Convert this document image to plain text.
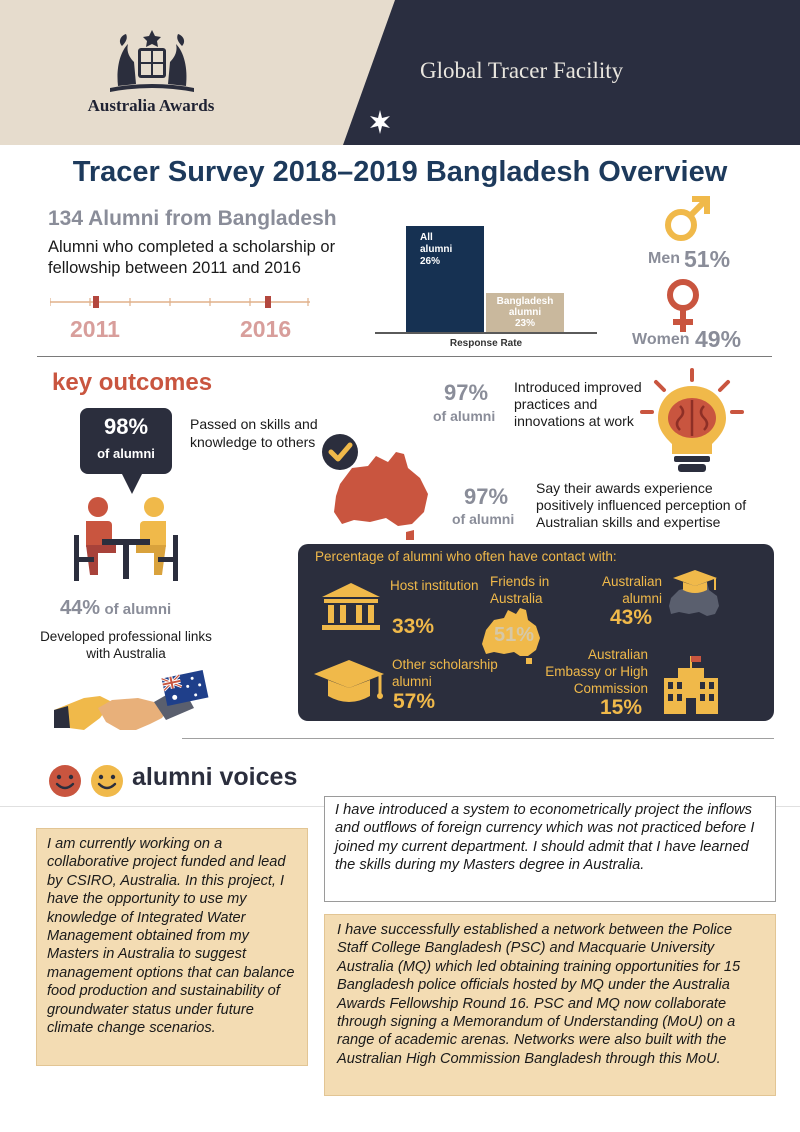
Australia Awards
Global Tracer Facility
Tracer Survey 2018–2019 Bangladesh Overview
134 Alumni from Bangladesh
Alumni who completed a scholarship or fellowship between 2011 and 2016
2011	2016
All
alumni
26%
Bangladesh
alumni
23%
Response Rate
Men 51%
Women 49%
key outcomes
98%
of alumni
Passed on skills and knowledge to others
44% of alumni
Developed professional links with Australia
97%
of alumni
Introduced improved practices and innovations at work
97%
of alumni
Say their awards experience positively influenced perception of Australian skills and expertise
Percentage of alumni who often have contact with:
Host institution
33%
Friends in Australia
51%
Australian alumni
43%
Other scholarship alumni
57%
Australian Embassy or High Commission
15%
alumni voices
I am currently working on a collaborative project funded and lead by CSIRO, Australia. In this project, I have the opportunity to use my knowledge of Integrated Water Management obtained from my Masters in Australia to suggest management options that can balance food production and sustainability of groundwater status under future climate change scenarios.
I have introduced a system to econometrically project the inflows and outflows of foreign currency which was not practiced before I joined my current department. I should admit that I have learned the skills during my Masters degree in Australia.
I have successfully established a network between the Police Staff College Bangladesh (PSC) and Macquarie University Australia (MQ) which led obtaining training opportunities for 15 Bangladesh police officials hosted by MQ under the Australia Awards Fellowship Round 16. PSC and MQ now collaborate through signing a Memorandum of Understanding (MoU) on a range of academic arenas. Networks were also built with the Australian High Commission Bangladesh through this MoU.
